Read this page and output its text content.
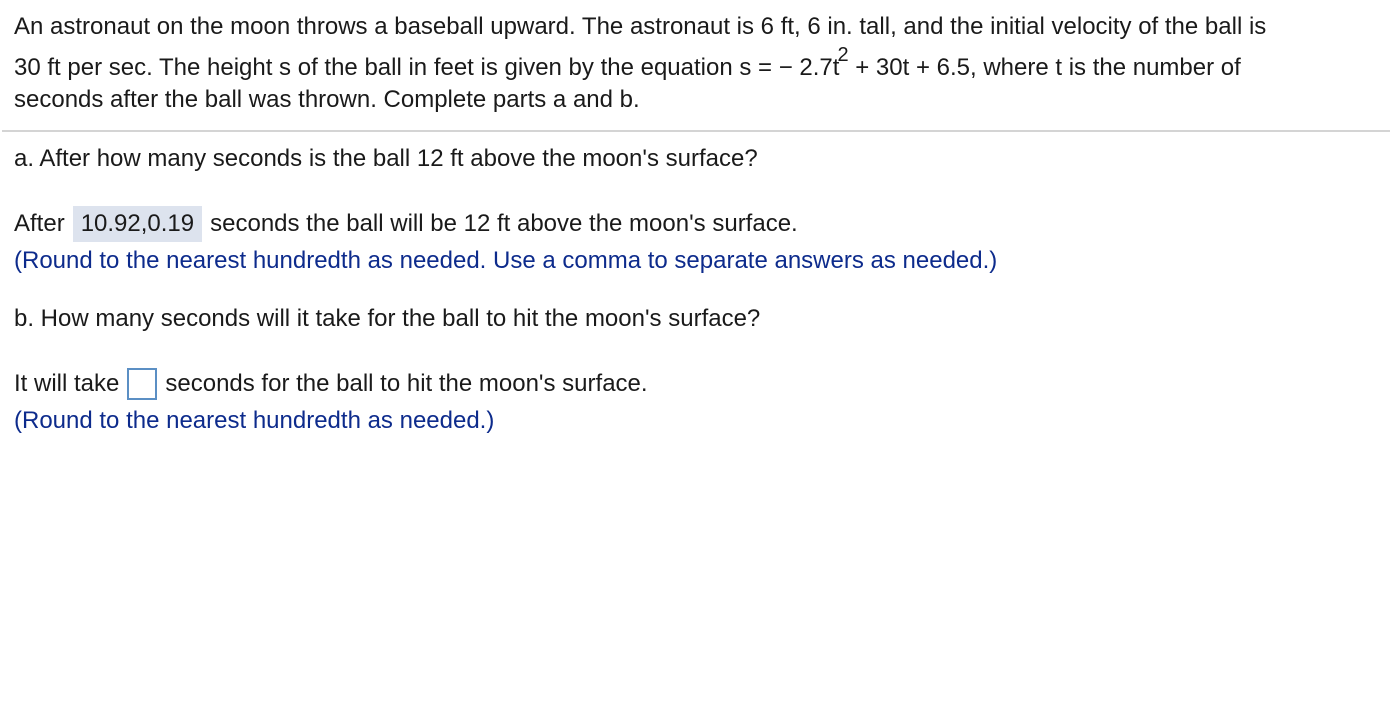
An astronaut on the moon throws a baseball upward. The astronaut is 6 ft, 6 in. tall, and the initial velocity of the ball is
30 ft per sec. The height s of the ball in feet is given by the equation s = − $2.7t^2 + 30t + 6.5$, where t is the number of
seconds after the ball was thrown. Complete parts a and b.
a. After how many seconds is the ball 12 ft above the moon's surface?
After 10.92,0.19 seconds the ball will be 12 ft above the moon's surface.
(Round to the nearest hundredth as needed. Use a comma to separate answers as needed.)
b. How many seconds will it take for the ball to hit the moon's surface?
It will take seconds for the ball to hit the moon's surface.
(Round to the nearest hundredth as needed.)
